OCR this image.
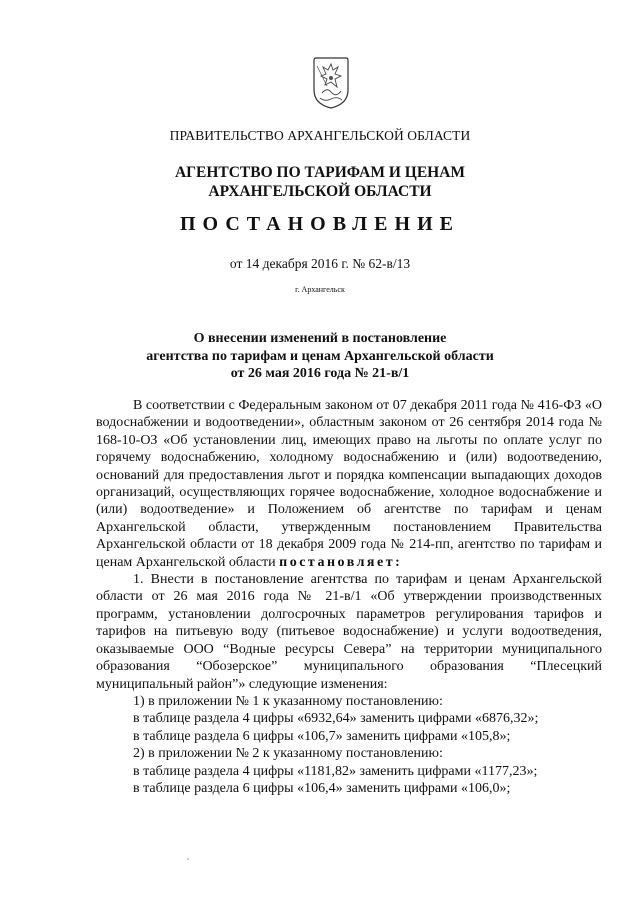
ПРАВИТЕЛЬСТВО АРХАНГЕЛЬСКОЙ ОБЛАСТИ
АГЕНТСТВО ПО ТАРИФАМ И ЦЕНАМ
АРХАНГЕЛЬСКОЙ ОБЛАСТИ
ПОСТАНОВЛЕНИЕ
от 14 декабря 2016 г. № 62-в/13
г. Архангельск
О внесении изменений в постановление
агентства по тарифам и ценам Архангельской области
от 26 мая 2016 года № 21-в/1

В соответствии с Федеральным законом от 07 декабря 2011 года № 416-ФЗ «О водоснабжении и водоотведении», областным законом от 26 сентября 2014 года № 168-10-ОЗ «Об установлении лиц, имеющих право на льготы по оплате услуг по горячему водоснабжению, холодному водоснабжению и (или) водоотведению, оснований для предоставления льгот и порядка компенсации выпадающих доходов организаций, осуществляющих горячее водоснабжение, холодное водоснабжение и (или) водоотведение» и Положением об агентстве по тарифам и ценам Архангельской области, утвержденным постановлением Правительства Архангельской области от 18 декабря 2009 года № 214-пп, агентство по тарифам и ценам Архангельской области постановляет:

1. Внести в постановление агентства по тарифам и ценам Архангельской области от 26 мая 2016 года № 21-в/1 «Об утверждении производственных программ, установлении долгосрочных параметров регулирования тарифов и тарифов на питьевую воду (питьевое водоснабжение) и услуги водоотведения, оказываемые ООО “Водные ресурсы Севера” на территории муниципального образования “Обозерское” муниципального образования “Плесецкий муниципальный район”» следующие изменения:

1) в приложении № 1 к указанному постановлению:

в таблице раздела 4 цифры «6932,64» заменить цифрами «6876,32»;

в таблице раздела 6 цифры «106,7» заменить цифрами «105,8»;

2) в приложении № 2 к указанному постановлению:

в таблице раздела 4 цифры «1181,82» заменить цифрами «1177,23»;

в таблице раздела 6 цифры «106,4» заменить цифрами «106,0»;
